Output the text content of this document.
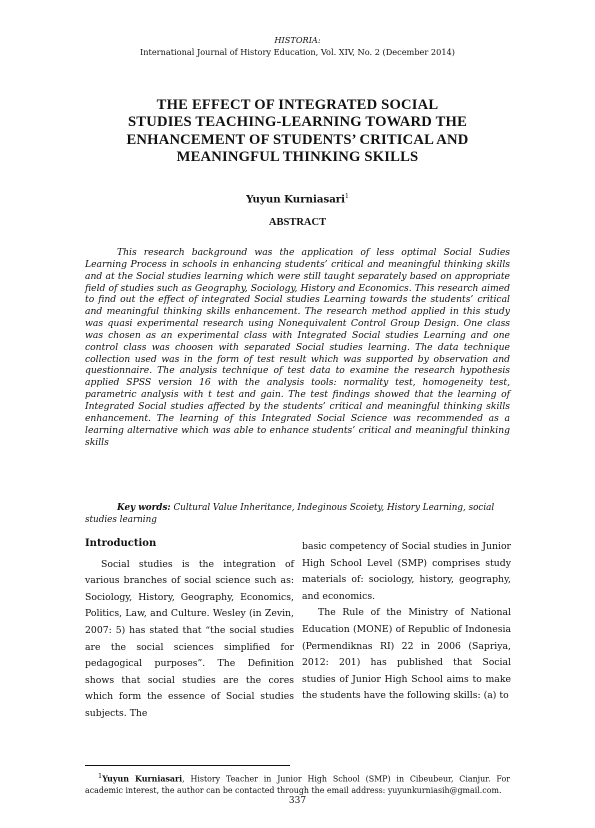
HISTORIA:
International Journal of History Education, Vol. XIV, No. 2 (December 2014)
THE EFFECT OF INTEGRATED SOCIAL
STUDIES TEACHING-LEARNING TOWARD THE
ENHANCEMENT OF STUDENTS’ CRITICAL AND
MEANINGFUL THINKING SKILLS
Yuyun Kurniasari$^1$
ABSTRACT
This research background was the application of less optimal Social Sudies Learning Process in schools in enhancing students’ critical and meaningful thinking skills and at the Social studies learning which were still taught separately based on appropriate field of studies such as Geography, Sociology, History and Economics. This research aimed to find out the effect of integrated Social studies Learning towards the students’ critical and meaningful thinking skills enhancement. The research method applied in this study was quasi experimental research using Nonequivalent Control Group Design. One class was chosen as an experimental class with Integrated Social studies Learning and one control class was choosen with separated Social studies learning. The data technique collection used was in the form of test result which was supported by observation and questionnaire. The analysis technique of test data to examine the research hypothesis applied SPSS version 16 with the analysis tools: normality test, homogeneity test, parametric analysis with t test and gain. The test findings showed that the learning of Integrated Social studies affected by the students’ critical and meaningful thinking skills enhancement. The learning of this Integrated Social Science was recommended as a learning alternative which was able to enhance students’ critical and meaningful thinking skills
Key words: Cultural Value Inheritance, Indeginous Scoiety, History Learning, social studies learning
Introduction

Social studies is the integration of various branches of social science such as: Sociology, History, Geography, Economics, Politics, Law, and Culture. Wesley (in Zevin, 2007: 5) has stated that “the social studies are the social sciences simplified for pedagogical purposes”. The Definition shows that social studies are the cores which form the essence of Social studies subjects. The

basic competency of Social studies in Junior High School Level (SMP) comprises study materials of: sociology, history, geography, and economics.

The Rule of the Ministry of National Education (MONE) of Republic of Indonesia (Permendiknas RI) 22 in 2006 (Sapriya, 2012: 201) has published that Social studies of Junior High School aims to make the students have the following skills: (a) to

$^1$Yuyun Kurniasari, History Teacher in Junior High School (SMP) in Cibeubeur, Cianjur. For academic interest, the author can be contacted through the email address: yuyunkurniasih@gmail.com.
337
